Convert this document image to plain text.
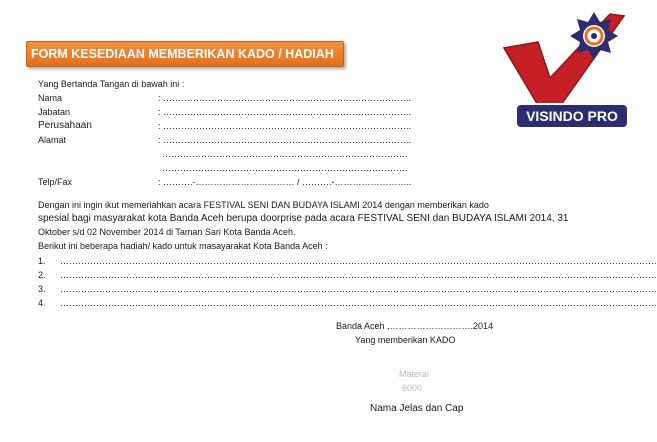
FORM KESEDIAAN MEMBERIKAN KADO / HADIAH
VISINDO PRO
Yang Bertanda Tangan di bawah ini :
Nama	: ………………………………………………………………………..
Jabatan	: ………………………………………………………………………..
Perusahaan	: ………………………………………………………………………..
Alamat	: ………………………………………………………………………..
……………………………………………………………………….
……………………………………………………………………….
Telp/Fax	: ……….-…………………………… / ……….-……………………..
Dengan ini ingin ikut memeriahkan acara FESTIVAL SENI DAN BUDAYA ISLAMI 2014 dengan memberikan kado
spesial bagi masyarakat kota Banda Aceh berupa doorprise pada acara FESTIVAL SENI dan BUDAYA ISLAMI 2014, 31
Oktober s/d 02 November 2014 di Taman Sari Kota Banda Aceh.
Berikut ini beberapa hadiah/ kado untuk masayarakat Kota Banda Aceh :
1. ……………………………………………………………………………………………………………………………………………………………………………….
2. ……………………………………………………………………………………………………………………………………………………………………………….
3. ……………………………………………………………………………………………………………………………………………………………………………….
4. ……………………………………………………………………………………………………………………………………………………………………………….
Banda Aceh ,……………………….2014
Yang memberikan KADO
Materai
6000
Nama Jelas dan Cap
